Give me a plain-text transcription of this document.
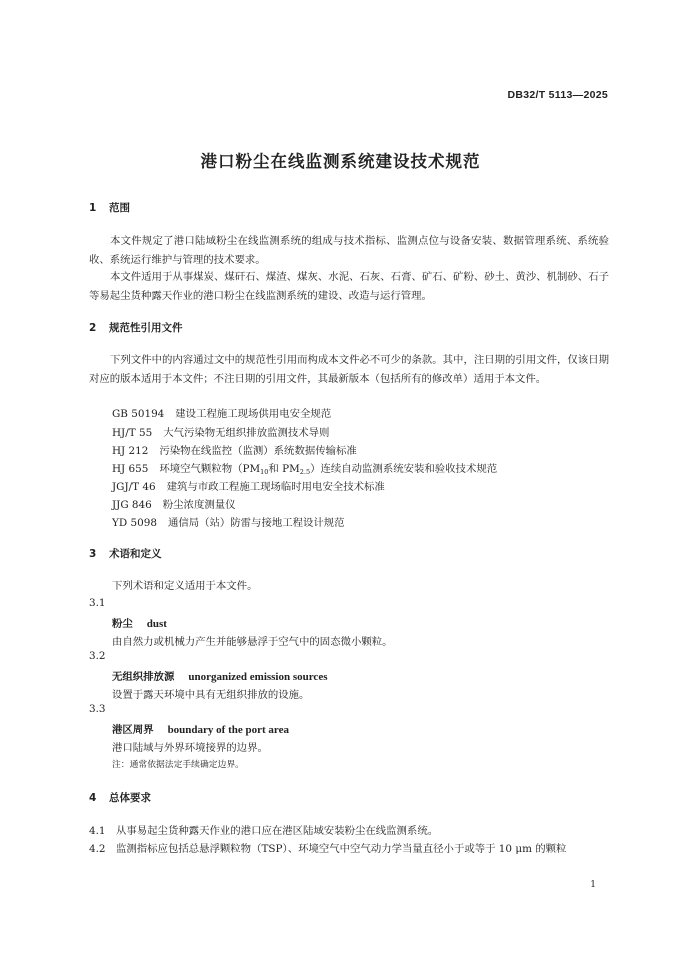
DB32/T 5113—2025
港口粉尘在线监测系统建设技术规范
1 范围
本文件规定了港口陆域粉尘在线监测系统的组成与技术指标、监测点位与设备安装、数据管理系统、系统验收、系统运行维护与管理的技术要求。
本文件适用于从事煤炭、煤矸石、煤渣、煤灰、水泥、石灰、石膏、矿石、矿粉、砂土、黄沙、机制砂、石子等易起尘货种露天作业的港口粉尘在线监测系统的建设、改造与运行管理。
2 规范性引用文件
下列文件中的内容通过文中的规范性引用而构成本文件必不可少的条款。其中，注日期的引用文件，仅该日期对应的版本适用于本文件；不注日期的引用文件，其最新版本（包括所有的修改单）适用于本文件。
GB 50194 建设工程施工现场供用电安全规范
HJ/T 55 大气污染物无组织排放监测技术导则
HJ 212 污染物在线监控（监测）系统数据传输标准
HJ 655 环境空气颗粒物（$PM_{10}$和 $PM_{2.5}$）连续自动监测系统安装和验收技术规范
JGJ/T 46 建筑与市政工程施工现场临时用电安全技术标准
JJG 846 粉尘浓度测量仪
YD 5098 通信局（站）防雷与接地工程设计规范
3 术语和定义
下列术语和定义适用于本文件。
3.1
粉尘 dust
由自然力或机械力产生并能够悬浮于空气中的固态微小颗粒。
3.2
无组织排放源 unorganized emission sources
设置于露天环境中具有无组织排放的设施。
3.3
港区周界 boundary of the port area
港口陆域与外界环境接界的边界。
注：通常依据法定手续确定边界。
4 总体要求
4.1 从事易起尘货种露天作业的港口应在港区陆域安装粉尘在线监测系统。
4.2 监测指标应包括总悬浮颗粒物（TSP）、环境空气中空气动力学当量直径小于或等于 10 μm 的颗粒
1
